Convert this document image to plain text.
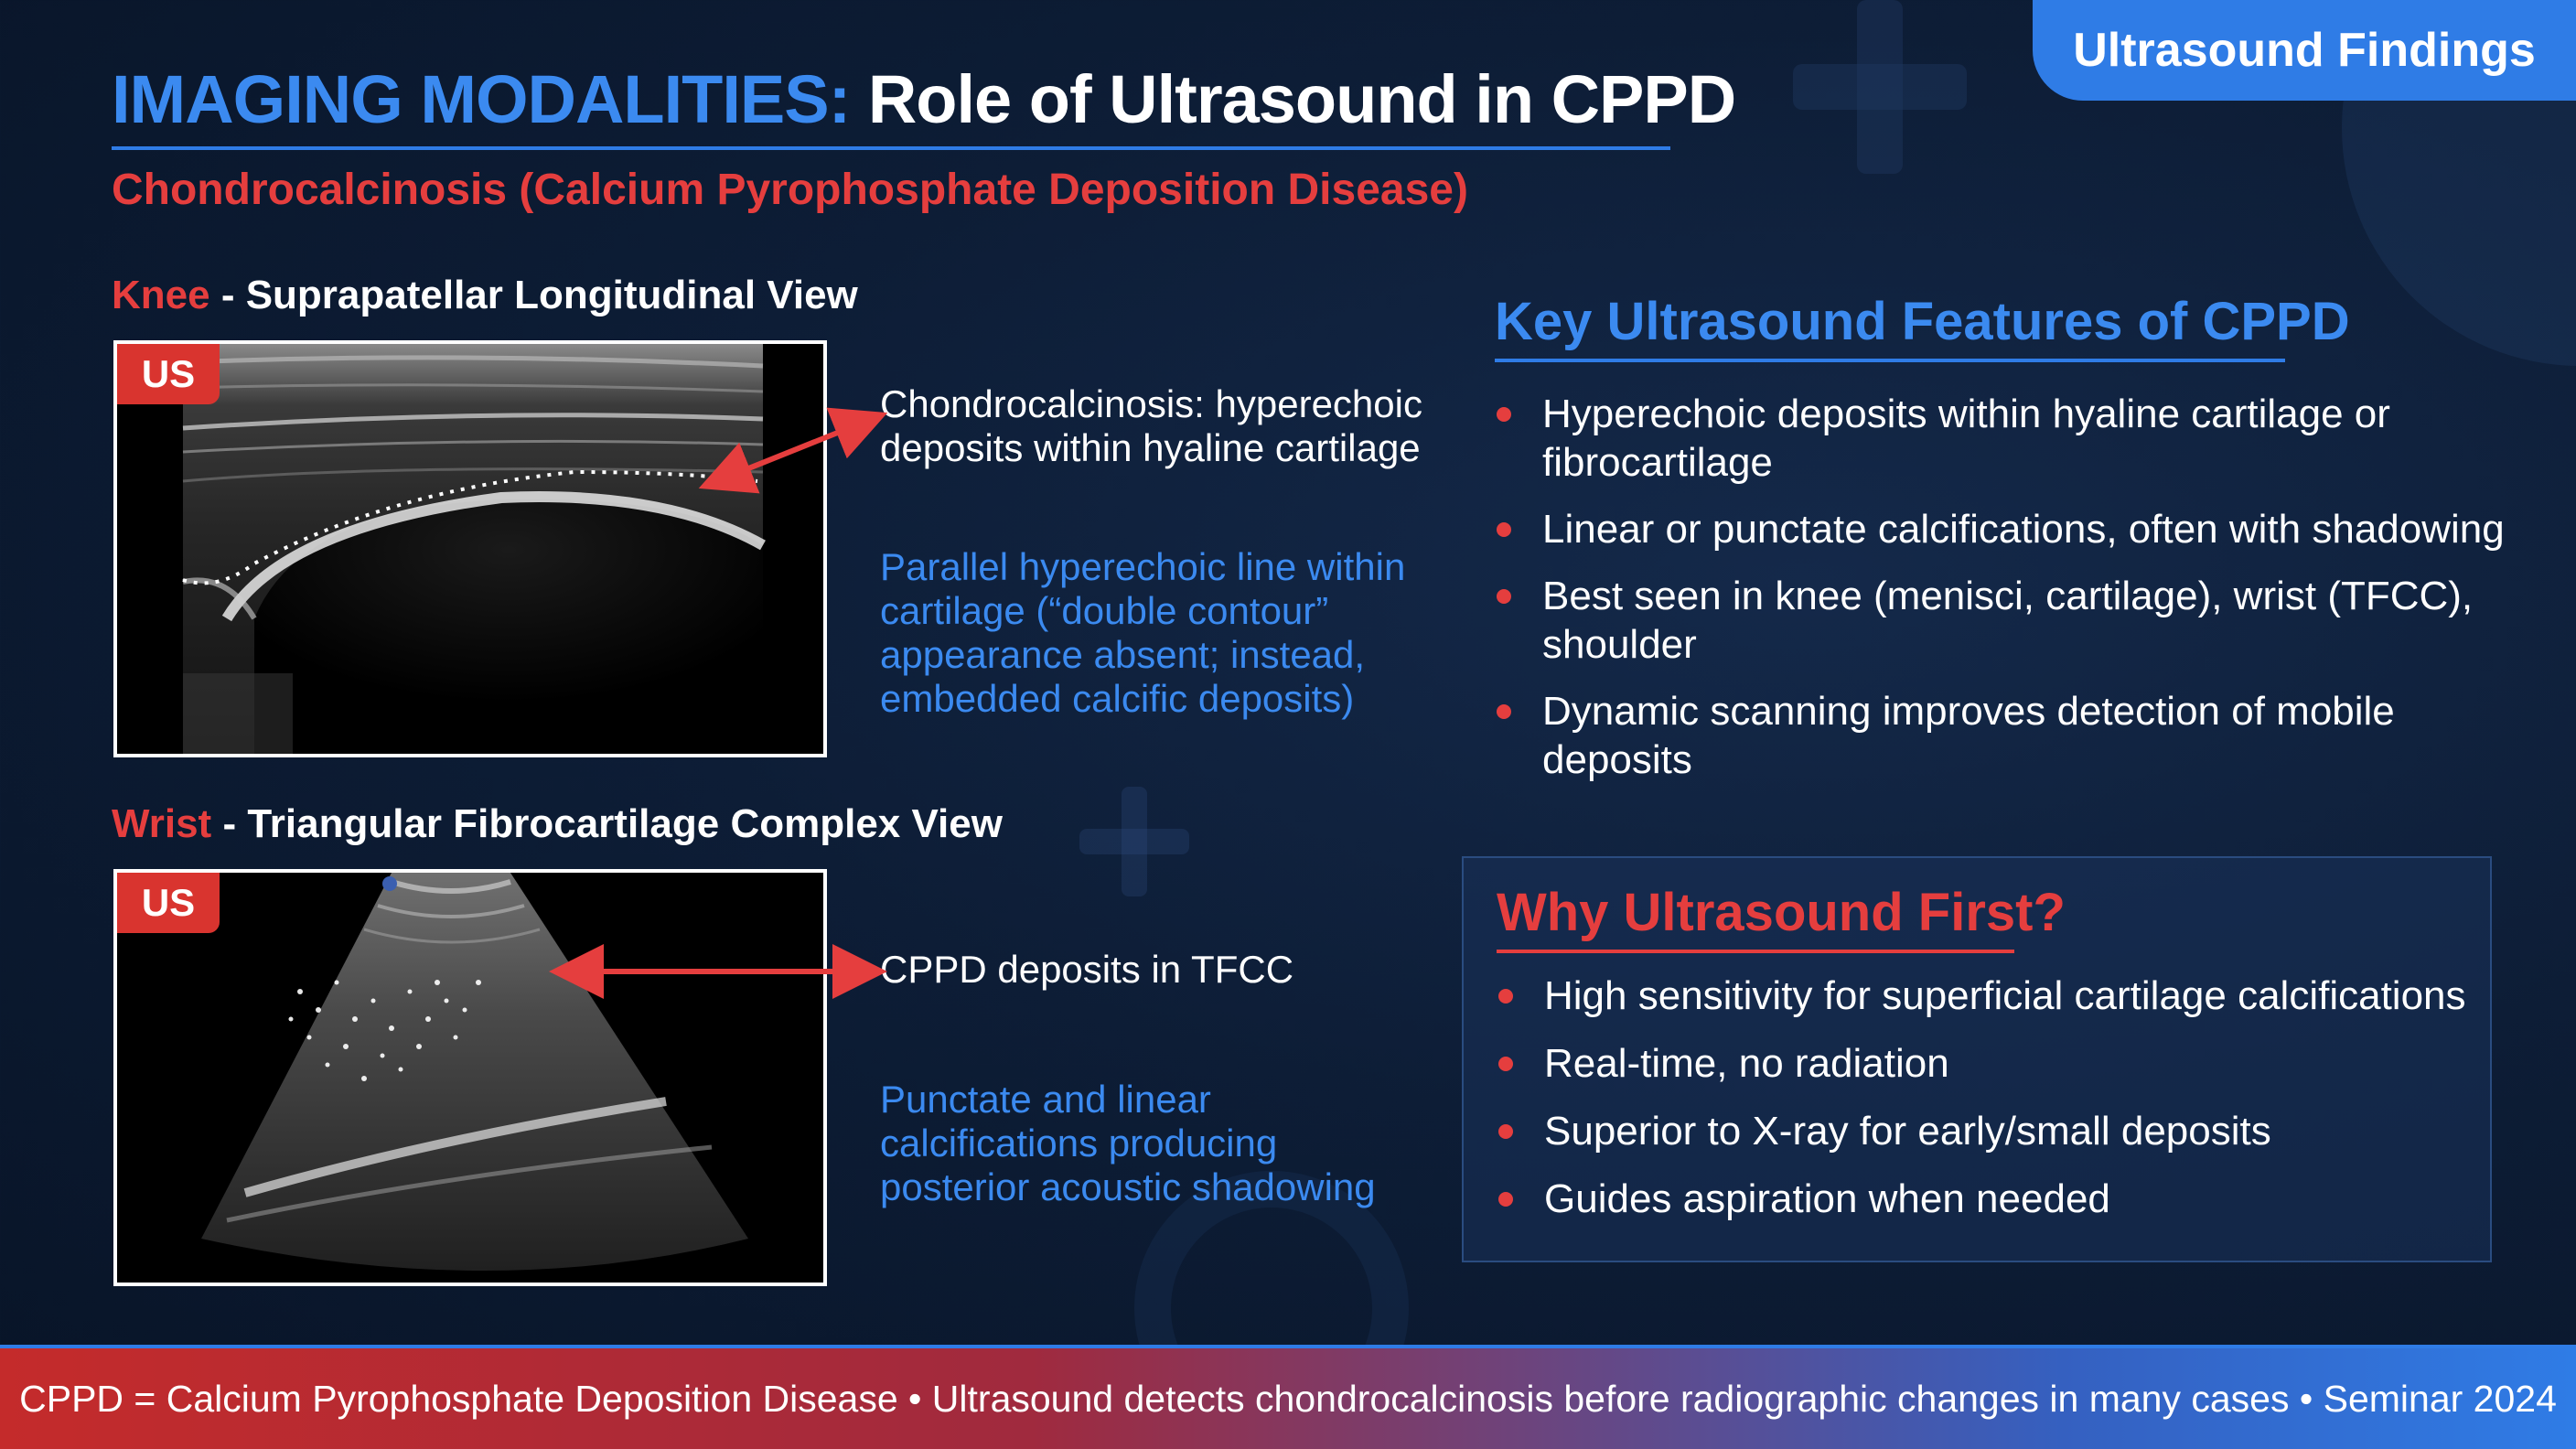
Ultrasound Findings
IMAGING MODALITIES: Role of Ultrasound in CPPD
Chondrocalcinosis (Calcium Pyrophosphate Deposition Disease)
Knee - Suprapatellar Longitudinal View
US
Chondrocalcinosis: hyperechoic deposits within hyaline cartilage
Parallel hyperechoic line within cartilage (“double contour” appearance absent; instead, embedded calcific deposits)
Wrist - Triangular Fibrocartilage Complex View
US
CPPD deposits in TFCC
Punctate and linear calcifications producing posterior acoustic shadowing
Key Ultrasound Features of CPPD
Hyperechoic deposits within hyaline cartilage or fibrocartilage
Linear or punctate calcifications, often with shadowing
Best seen in knee (menisci, cartilage), wrist (TFCC), shoulder
Dynamic scanning improves detection of mobile deposits
Why Ultrasound First?
High sensitivity for superficial cartilage calcifications
Real-time, no radiation
Superior to X-ray for early/small deposits
Guides aspiration when needed
CPPD = Calcium Pyrophosphate Deposition Disease • Ultrasound detects chondrocalcinosis before radiographic changes in many cases • Seminar 2024
